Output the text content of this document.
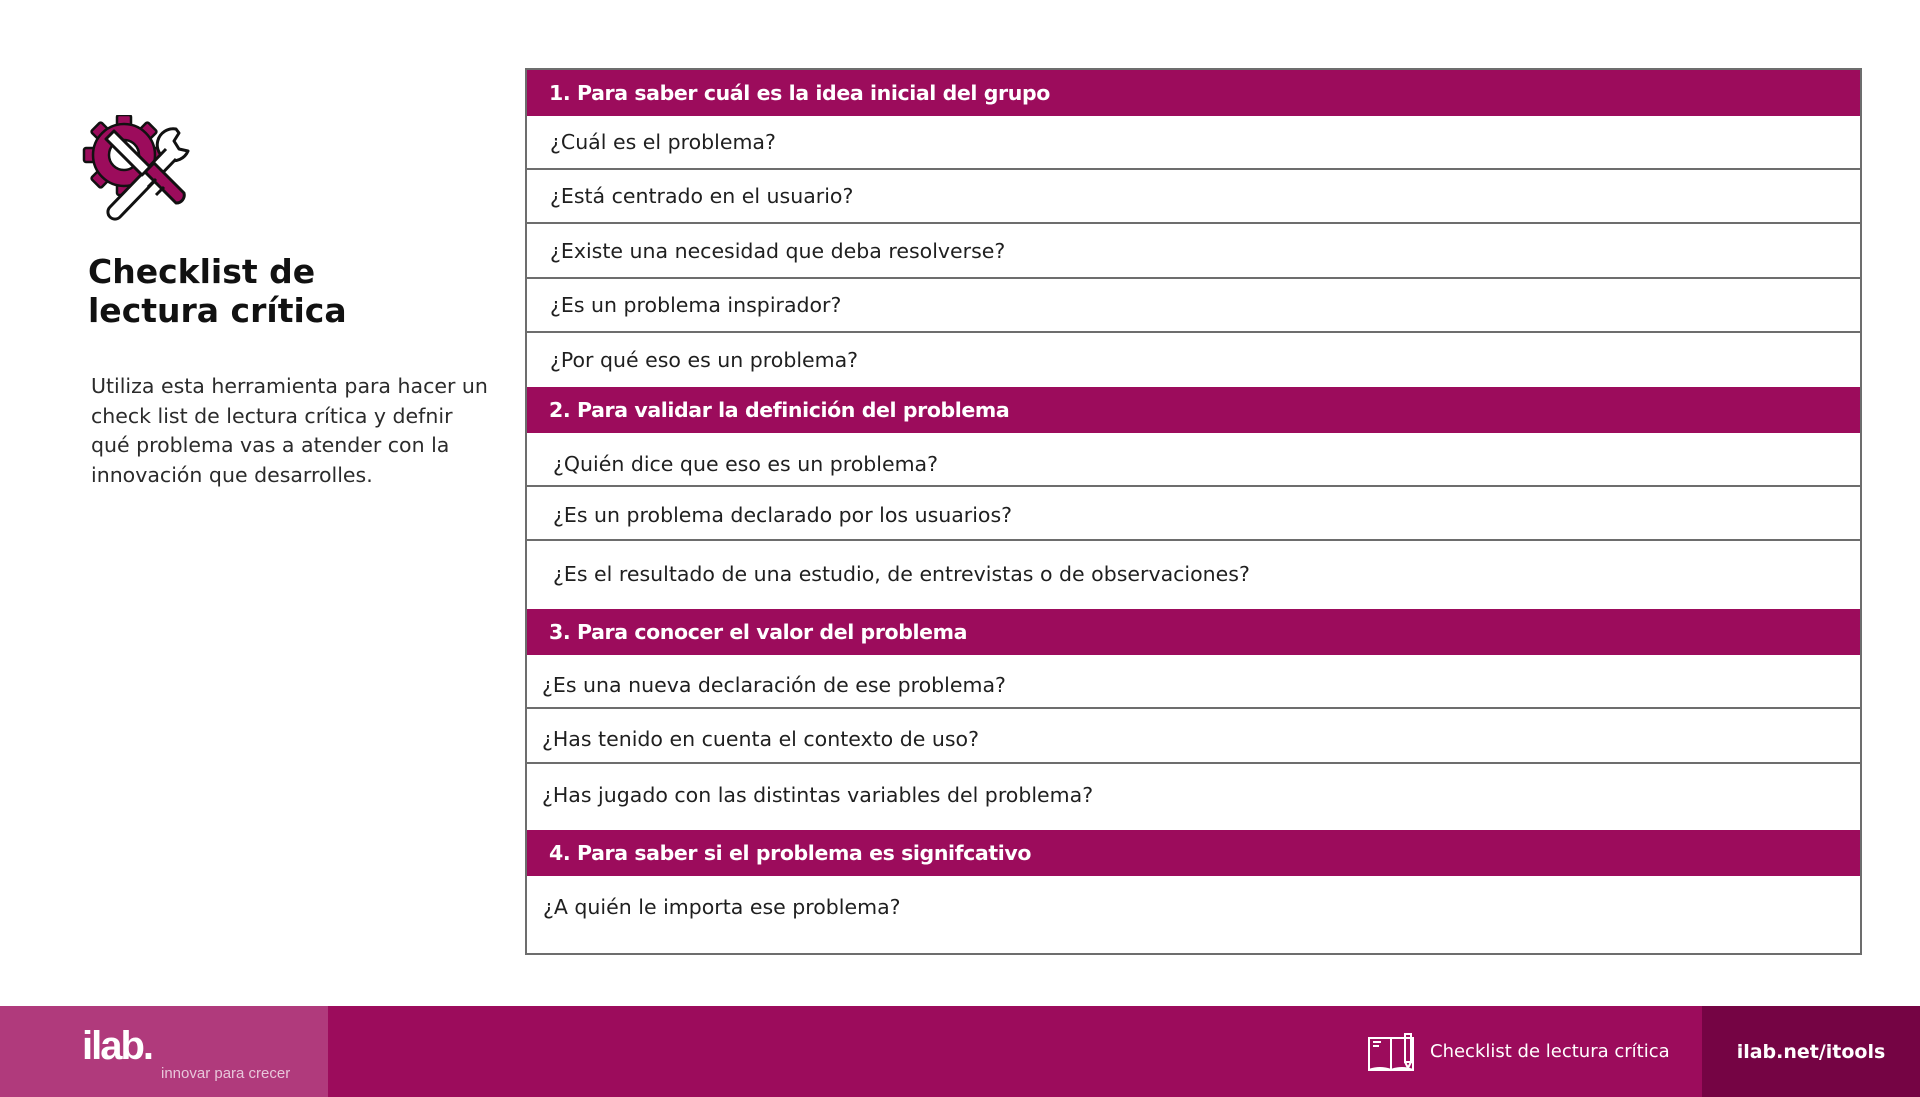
Checklist de
lectura crítica

Utiliza esta herramienta para hacer un check list de lectura crítica y defnir qué problema vas a atender con la innovación que desarrolles.

1. Para saber cuál es la idea inicial del grupo
¿Cuál es el problema?
¿Está centrado en el usuario?
¿Existe una necesidad que deba resolverse?
¿Es un problema inspirador?
¿Por qué eso es un problema?
2. Para validar la definición del problema
¿Quién dice que eso es un problema?
¿Es un problema declarado por los usuarios?
¿Es el resultado de una estudio, de entrevistas o de observaciones?
3. Para conocer el valor del problema
¿Es una nueva declaración de ese problema?
¿Has tenido en cuenta el contexto de uso?
¿Has jugado con las distintas variables del problema?
4. Para saber si el problema es signifcativo
¿A quién le importa ese problema?
ilab.
innovar para crecer
Checklist de lectura crítica	ilab.net/itools
